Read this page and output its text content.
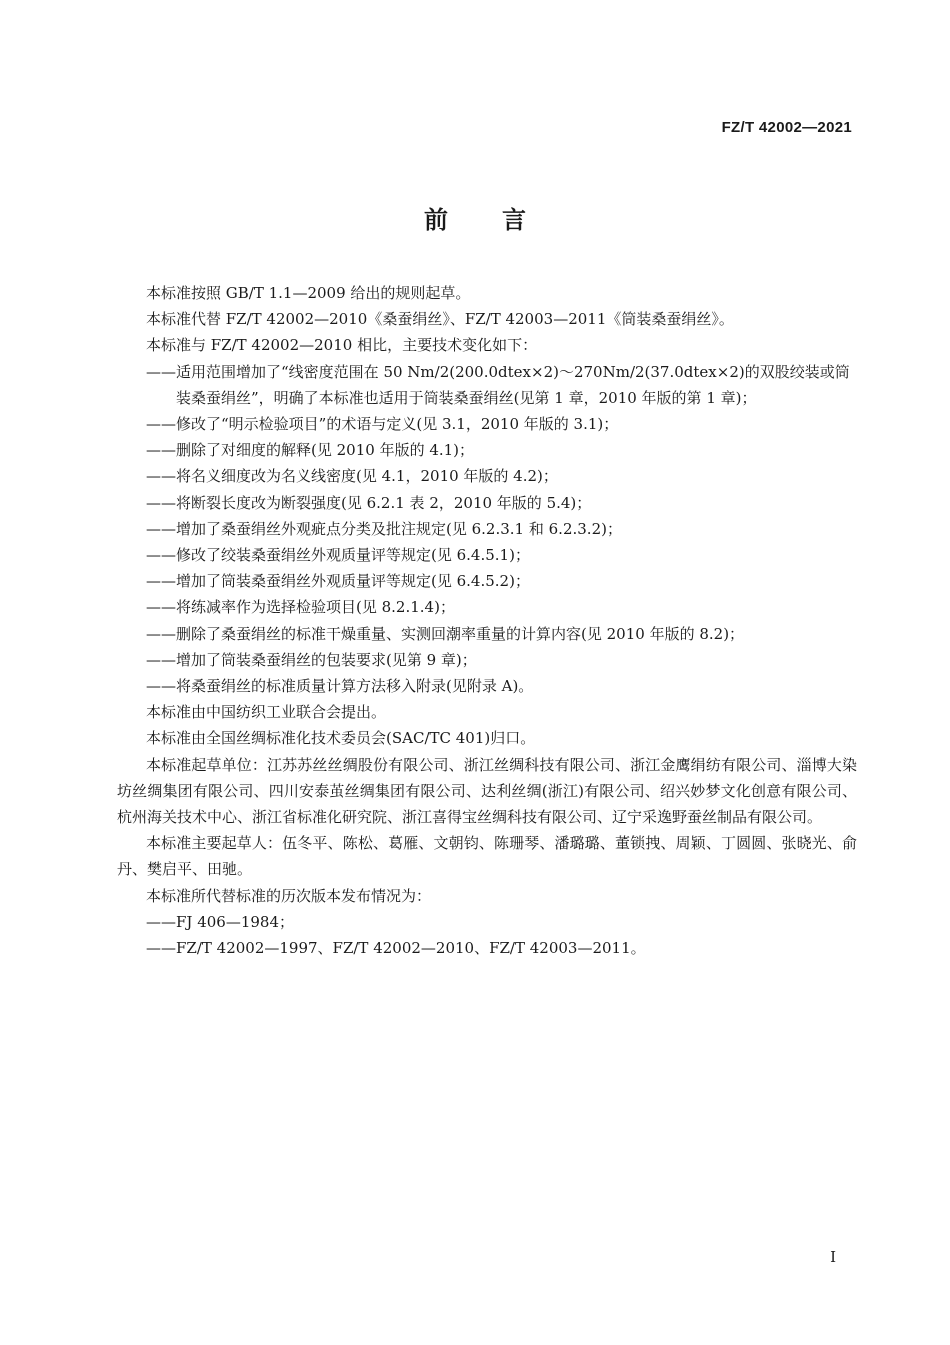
FZ/T 42002—2021
前言

本标准按照 GB/T 1.1—2009 给出的规则起草。

本标准代替 FZ/T 42002—2010《桑蚕绢丝》、FZ/T 42003—2011《筒装桑蚕绢丝》。

本标准与 FZ/T 42002—2010 相比，主要技术变化如下：

——适用范围增加了“线密度范围在 50 Nm/2(200.0dtex×2)～270Nm/2(37.0dtex×2)的双股绞装或筒装桑蚕绢丝”，明确了本标准也适用于筒装桑蚕绢丝(见第 1 章，2010 年版的第 1 章)；

——修改了“明示检验项目”的术语与定义(见 3.1，2010 年版的 3.1)；

——删除了对细度的解释(见 2010 年版的 4.1)；

——将名义细度改为名义线密度(见 4.1，2010 年版的 4.2)；

——将断裂长度改为断裂强度(见 6.2.1 表 2，2010 年版的 5.4)；

——增加了桑蚕绢丝外观疵点分类及批注规定(见 6.2.3.1 和 6.2.3.2)；

——修改了绞装桑蚕绢丝外观质量评等规定(见 6.4.5.1)；

——增加了筒装桑蚕绢丝外观质量评等规定(见 6.4.5.2)；

——将练减率作为选择检验项目(见 8.2.1.4)；

——删除了桑蚕绢丝的标准干燥重量、实测回潮率重量的计算内容(见 2010 年版的 8.2)；

——增加了筒装桑蚕绢丝的包装要求(见第 9 章)；

——将桑蚕绢丝的标准质量计算方法移入附录(见附录 A)。

本标准由中国纺织工业联合会提出。

本标准由全国丝绸标准化技术委员会(SAC/TC 401)归口。

本标准起草单位：江苏苏丝丝绸股份有限公司、浙江丝绸科技有限公司、浙江金鹰绢纺有限公司、淄博大染坊丝绸集团有限公司、四川安泰茧丝绸集团有限公司、达利丝绸(浙江)有限公司、绍兴妙梦文化创意有限公司、杭州海关技术中心、浙江省标准化研究院、浙江喜得宝丝绸科技有限公司、辽宁采逸野蚕丝制品有限公司。

本标准主要起草人：伍冬平、陈松、葛雁、文朝钧、陈珊琴、潘璐璐、董锁拽、周颖、丁圆圆、张晓光、俞丹、樊启平、田驰。

本标准所代替标准的历次版本发布情况为：

——FJ 406—1984；

——FZ/T 42002—1997、FZ/T 42002—2010、FZ/T 42003—2011。

I
